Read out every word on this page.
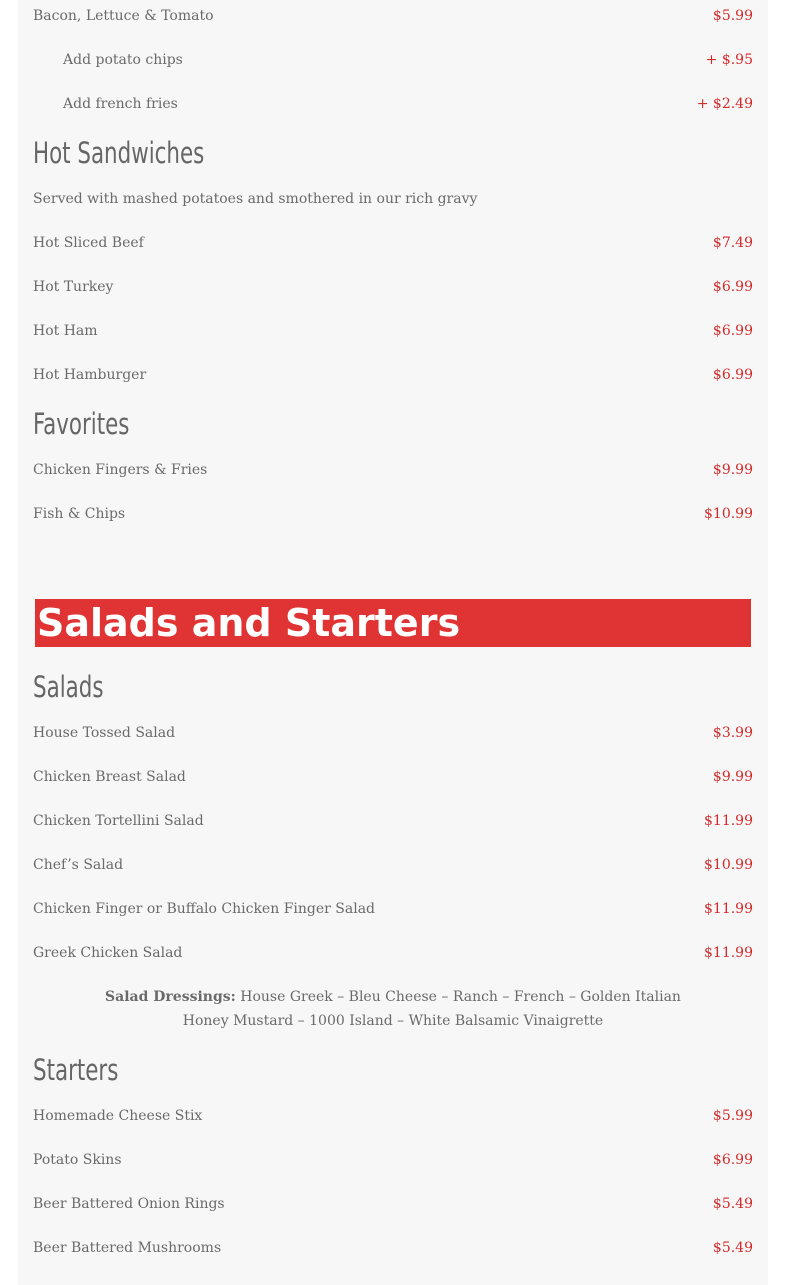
Bacon, Lettuce & Tomato	$5.99
Add potato chips	+ $.95
Add french fries	+ $2.49
Hot Sandwiches
Served with mashed potatoes and smothered in our rich gravy
Hot Sliced Beef	$7.49
Hot Turkey	$6.99
Hot Ham	$6.99
Hot Hamburger	$6.99
Favorites
Chicken Fingers & Fries	$9.99
Fish & Chips	$10.99
Salads and Starters
Salads
House Tossed Salad	$3.99
Chicken Breast Salad	$9.99
Chicken Tortellini Salad	$11.99
Chef’s Salad	$10.99
Chicken Finger or Buffalo Chicken Finger Salad	$11.99
Greek Chicken Salad	$11.99
Salad Dressings: House Greek – Bleu Cheese – Ranch – French – Golden Italian
Honey Mustard – 1000 Island – White Balsamic Vinaigrette
Starters
Homemade Cheese Stix	$5.99
Potato Skins	$6.99
Beer Battered Onion Rings	$5.49
Beer Battered Mushrooms	$5.49
